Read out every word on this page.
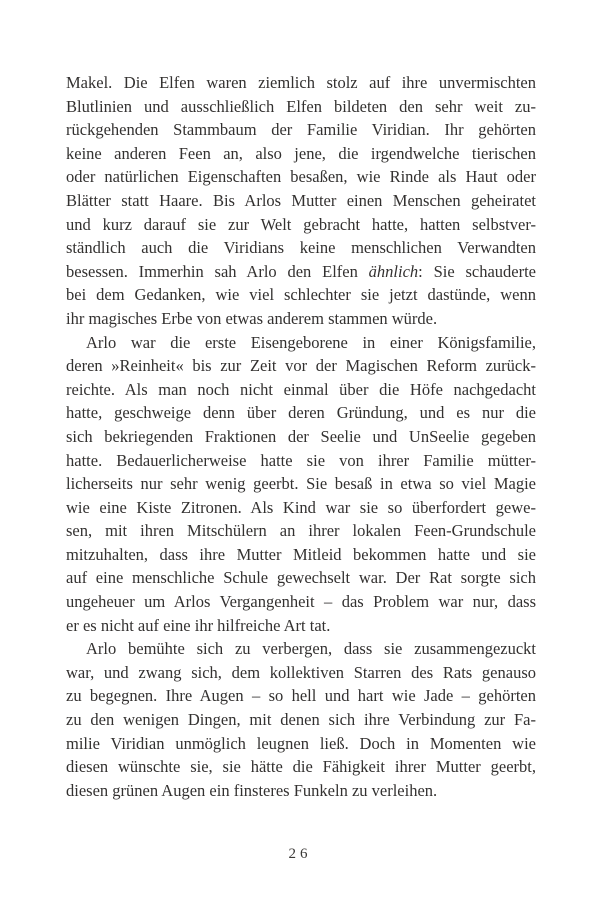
Makel. Die Elfen waren ziemlich stolz auf ihre unvermischten
Blutlinien und ausschließlich Elfen bildeten den sehr weit zu-
rückgehenden Stammbaum der Familie Viridian. Ihr gehörten
keine anderen Feen an, also jene, die irgendwelche tierischen
oder natürlichen Eigenschaften besaßen, wie Rinde als Haut oder
Blätter statt Haare. Bis Arlos Mutter einen Menschen geheiratet
und kurz darauf sie zur Welt gebracht hatte, hatten selbstver-
ständlich auch die Viridians keine menschlichen Verwandten
besessen. Immerhin sah Arlo den Elfen ähnlich: Sie schauderte
bei dem Gedanken, wie viel schlechter sie jetzt dastünde, wenn
ihr magisches Erbe von etwas anderem stammen würde.
Arlo war die erste Eisengeborene in einer Königsfamilie,
deren »Reinheit« bis zur Zeit vor der Magischen Reform zurück-
reichte. Als man noch nicht einmal über die Höfe nachgedacht
hatte, geschweige denn über deren Gründung, und es nur die
sich bekriegenden Fraktionen der Seelie und UnSeelie gegeben
hatte. Bedauerlicherweise hatte sie von ihrer Familie mütter-
licherseits nur sehr wenig geerbt. Sie besaß in etwa so viel Magie
wie eine Kiste Zitronen. Als Kind war sie so überfordert gewe-
sen, mit ihren Mitschülern an ihrer lokalen Feen-Grundschule
mitzuhalten, dass ihre Mutter Mitleid bekommen hatte und sie
auf eine menschliche Schule gewechselt war. Der Rat sorgte sich
ungeheuer um Arlos Vergangenheit – das Problem war nur, dass
er es nicht auf eine ihr hilfreiche Art tat.
Arlo bemühte sich zu verbergen, dass sie zusammengezuckt
war, und zwang sich, dem kollektiven Starren des Rats genauso
zu begegnen. Ihre Augen – so hell und hart wie Jade – gehörten
zu den wenigen Dingen, mit denen sich ihre Verbindung zur Fa-
milie Viridian unmöglich leugnen ließ. Doch in Momenten wie
diesen wünschte sie, sie hätte die Fähigkeit ihrer Mutter geerbt,
diesen grünen Augen ein finsteres Funkeln zu verleihen.
26
